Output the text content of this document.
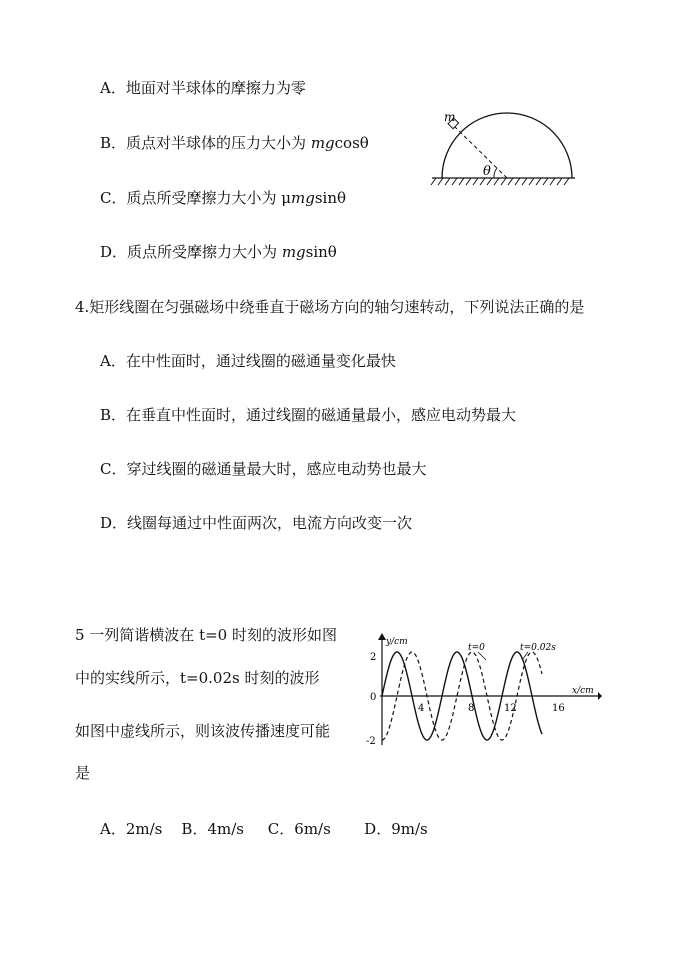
A．地面对半球体的摩擦力为零
B．质点对半球体的压力大小为 mgcosθ
C．质点所受摩擦力大小为 μmgsinθ
D．质点所受摩擦力大小为 mgsinθ
m
θ
4.矩形线圈在匀强磁场中绕垂直于磁场方向的轴匀速转动，下列说法正确的是
A．在中性面时，通过线圈的磁通量变化最快
B．在垂直中性面时，通过线圈的磁通量最小，感应电动势最大
C．穿过线圈的磁通量最大时，感应电动势也最大
D．线圈每通过中性面两次，电流方向改变一次
5 一列简谐横波在 t=0 时刻的波形如图
中的实线所示，t=0.02s 时刻的波形
如图中虚线所示，则该波传播速度可能
是
A．2m/s    B．4m/s     C．6m/s       D．9m/s
y/cm
x/cm
2
0
-2
4	8	12	16
t=0	t=0.02s
